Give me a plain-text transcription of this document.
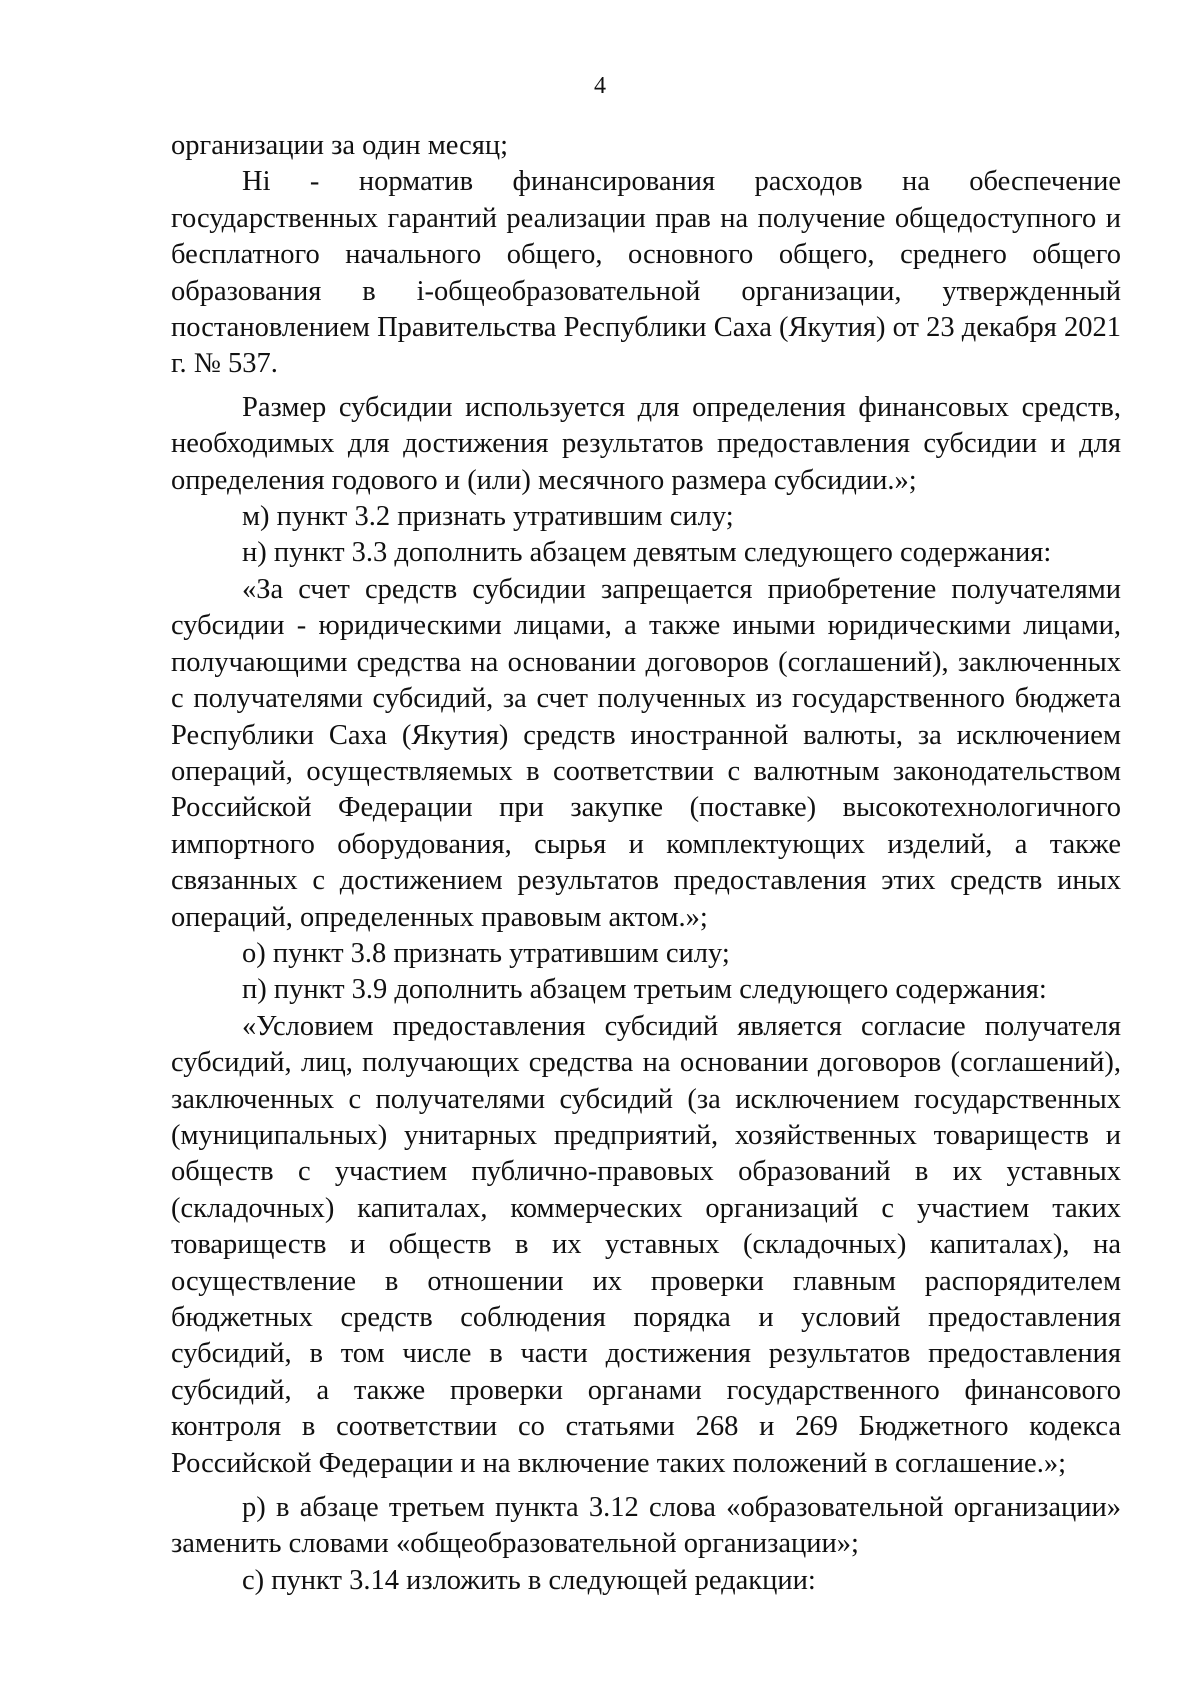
4

организации за один месяц;

Hi - норматив финансирования расходов на обеспечение государственных гарантий реализации прав на получение общедоступного и бесплатного начального общего, основного общего, среднего общего образования в i-общеобразовательной организации, утвержденный постановлением Правительства Республики Саха (Якутия) от 23 декабря 2021 г. № 537.

Размер субсидии используется для определения финансовых средств, необходимых для достижения результатов предоставления субсидии и для определения годового и (или) месячного размера субсидии.»;

м) пункт 3.2 признать утратившим силу;

н) пункт 3.3 дополнить абзацем девятым следующего содержания:

«За счет средств субсидии запрещается приобретение получателями субсидии - юридическими лицами, а также иными юридическими лицами, получающими средства на основании договоров (соглашений), заключенных с получателями субсидий, за счет полученных из государственного бюджета Республики Саха (Якутия) средств иностранной валюты, за исключением операций, осуществляемых в соответствии с валютным законодательством Российской Федерации при закупке (поставке) высокотехнологичного импортного оборудования, сырья и комплектующих изделий, а также связанных с достижением результатов предоставления этих средств иных операций, определенных правовым актом.»;

о) пункт 3.8 признать утратившим силу;

п) пункт 3.9 дополнить абзацем третьим следующего содержания:

«Условием предоставления субсидий является согласие получателя субсидий, лиц, получающих средства на основании договоров (соглашений), заключенных с получателями субсидий (за исключением государственных (муниципальных) унитарных предприятий, хозяйственных товариществ и обществ с участием публично-правовых образований в их уставных (складочных) капиталах, коммерческих организаций с участием таких товариществ и обществ в их уставных (складочных) капиталах), на осуществление в отношении их проверки главным распорядителем бюджетных средств соблюдения порядка и условий предоставления субсидий, в том числе в части достижения результатов предоставления субсидий, а также проверки органами государственного финансового контроля в соответствии со статьями 268 и 269 Бюджетного кодекса Российской Федерации и на включение таких положений в соглашение.»;

р) в абзаце третьем пункта 3.12 слова «образовательной организации» заменить словами «общеобразовательной организации»;

с) пункт 3.14 изложить в следующей редакции:
